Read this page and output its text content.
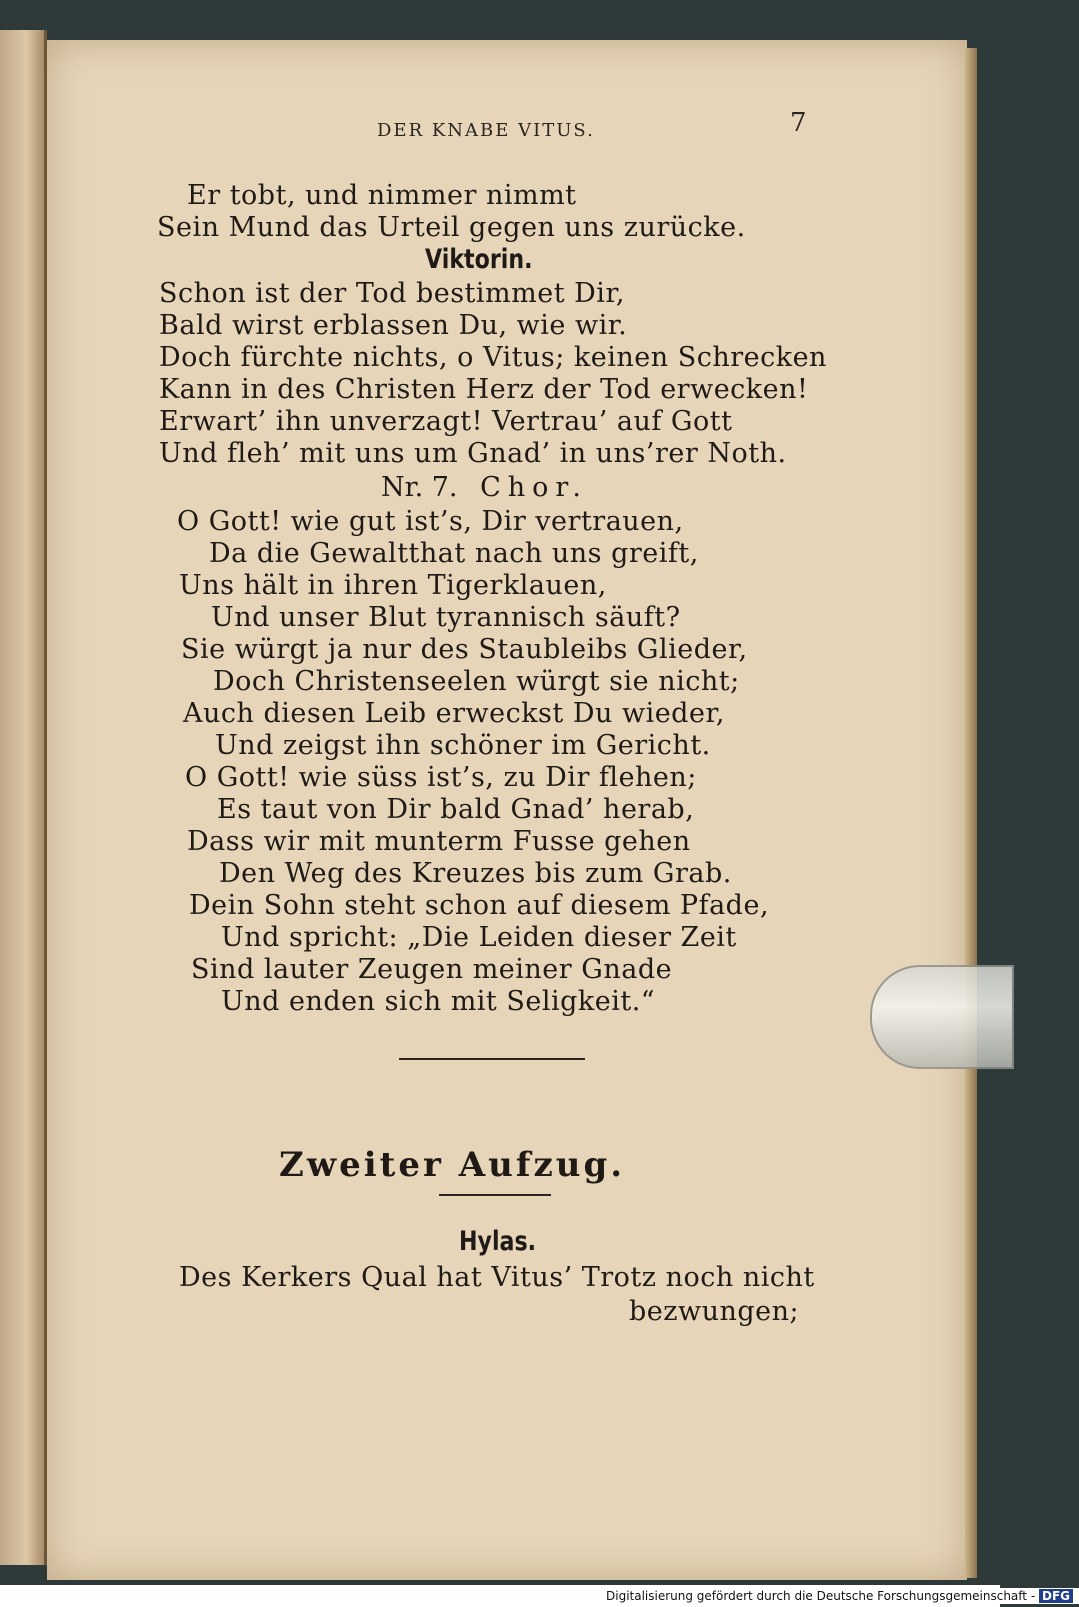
DER KNABE VITUS.	7
Er tobt, und nimmer nimmt
Sein Mund das Urteil gegen uns zurücke.
Viktorin.
Schon ist der Tod bestimmet Dir,
Bald wirst erblassen Du, wie wir.
Doch fürchte nichts, o Vitus; keinen Schrecken
Kann in des Christen Herz der Tod erwecken!
Erwart’ ihn unverzagt! Vertrau’ auf Gott
Und fleh’ mit uns um Gnad’ in uns’rer Noth.
Nr. 7. Chor.
O Gott! wie gut ist’s, Dir vertrauen,
Da die Gewaltthat nach uns greift,
Uns hält in ihren Tigerklauen,
Und unser Blut tyrannisch säuft?
Sie würgt ja nur des Staubleibs Glieder,
Doch Christenseelen würgt sie nicht;
Auch diesen Leib erweckst Du wieder,
Und zeigst ihn schöner im Gericht.
O Gott! wie süss ist’s, zu Dir flehen;
Es taut von Dir bald Gnad’ herab,
Dass wir mit munterm Fusse gehen
Den Weg des Kreuzes bis zum Grab.
Dein Sohn steht schon auf diesem Pfade,
Und spricht: „Die Leiden dieser Zeit
Sind lauter Zeugen meiner Gnade
Und enden sich mit Seligkeit.“
Zweiter Aufzug.
Hylas.
Des Kerkers Qual hat Vitus’ Trotz noch nicht
bezwungen;
Digitalisierung gefördert durch die Deutsche Forschungsgemeinschaft - DFG
